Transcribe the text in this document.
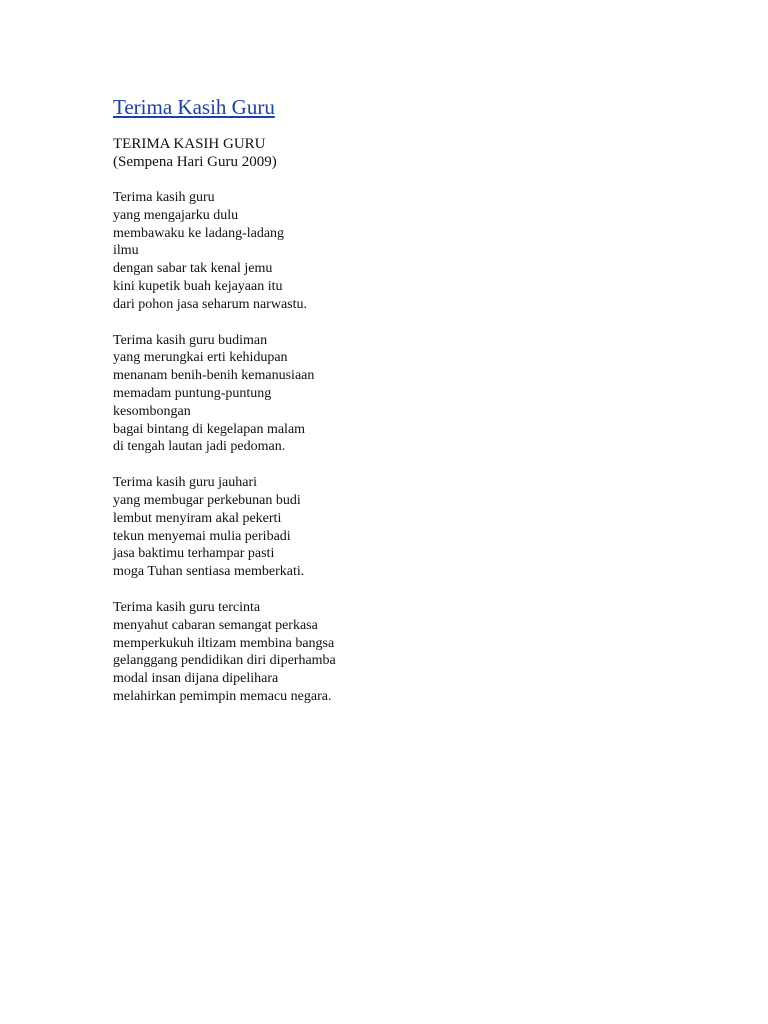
Terima Kasih Guru
TERIMA KASIH GURU
(Sempena Hari Guru 2009)
Terima kasih guru
yang mengajarku dulu
membawaku ke ladang-ladang
ilmu
dengan sabar tak kenal jemu
kini kupetik buah kejayaan itu
dari pohon jasa seharum narwastu.
Terima kasih guru budiman
yang merungkai erti kehidupan
menanam benih-benih kemanusiaan
memadam puntung-puntung
kesombongan
bagai bintang di kegelapan malam
di tengah lautan jadi pedoman.
Terima kasih guru jauhari
yang membugar perkebunan budi
lembut menyiram akal pekerti
tekun menyemai mulia peribadi
jasa baktimu terhampar pasti
moga Tuhan sentiasa memberkati.
Terima kasih guru tercinta
menyahut cabaran semangat perkasa
memperkukuh iltizam membina bangsa
gelanggang pendidikan diri diperhamba
modal insan dijana dipelihara
melahirkan pemimpin memacu negara.
